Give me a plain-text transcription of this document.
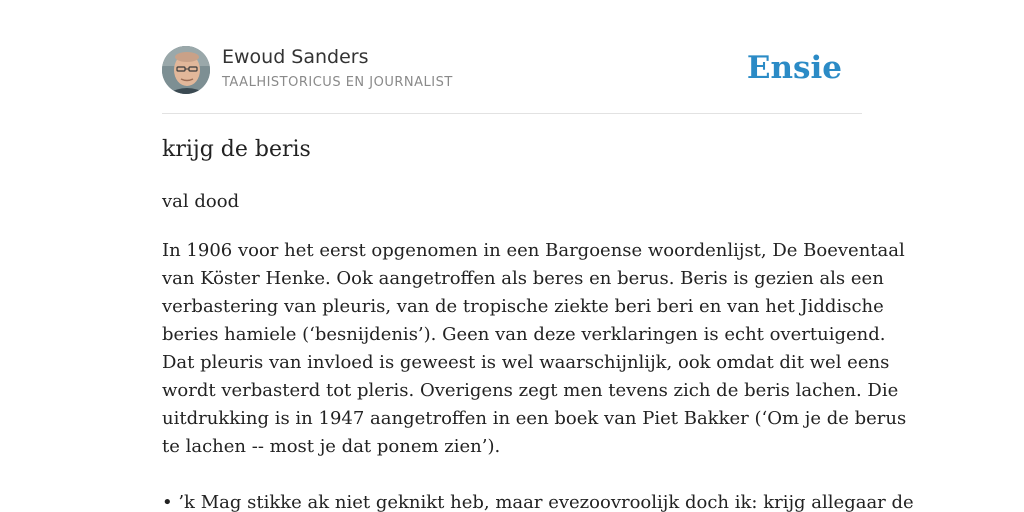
Ewoud Sanders
TAALHISTORICUS EN JOURNALIST	Ensie
krijg de beris
val dood
In 1906 voor het eerst opgenomen in een Bargoense woordenlijst, De Boeventaal
van Köster Henke. Ook aangetroffen als beres en berus. Beris is gezien als een
verbastering van pleuris, van de tropische ziekte beri beri en van het Jiddische
beries hamiele (‘besnijdenis’). Geen van deze verklaringen is echt overtuigend.
Dat pleuris van invloed is geweest is wel waarschijnlijk, ook omdat dit wel eens
wordt verbasterd tot pleris. Overigens zegt men tevens zich de beris lachen. Die
uitdrukking is in 1947 aangetroffen in een boek van Piet Bakker (‘Om je de berus
te lachen -- most je dat ponem zien’).
• ’k Mag stikke ak niet geknikt heb, maar evezoovroolijk doch ik: krijg allegaar de
